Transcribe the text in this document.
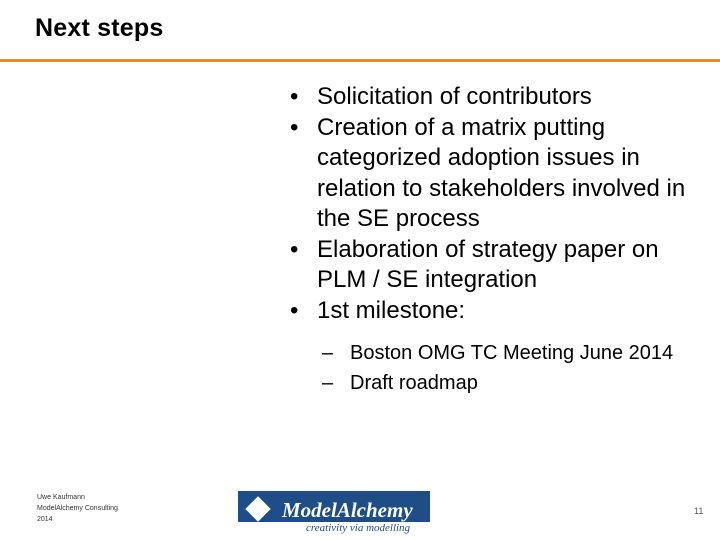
Next steps
• Solicitation of contributors
• Creation of a matrix putting categorized adoption issues in relation to stakeholders involved in the SE process
• Elaboration of strategy paper on PLM / SE integration
• 1st milestone:
– Boston OMG TC Meeting June 2014
– Draft roadmap
Uwe Kaufmann
ModelAlchemy Consulting
2014	ModelAlchemy
creativity via modelling
11
